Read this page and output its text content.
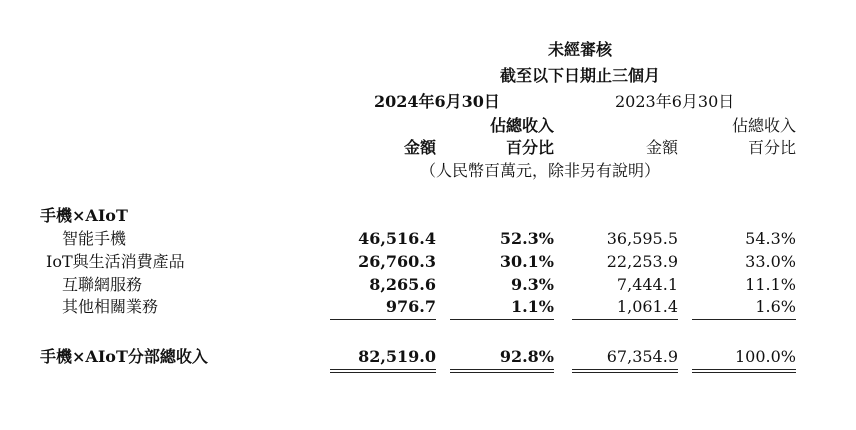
未經審核
截至以下日期止三個月
2024年6月30日	2023年6月30日
佔總收入	佔總收入
金額	百分比	金額	百分比
（人民幣百萬元，除非另有說明）
手機×AIoT
智能手機	46,516.4	52.3%	36,595.5	54.3%
IoT與生活消費產品	26,760.3	30.1%	22,253.9	33.0%
互聯網服務	8,265.6	9.3%	7,444.1	11.1%
其他相關業務	976.7	1.1%	1,061.4	1.6%
手機×AIoT分部總收入	82,519.0	92.8%	67,354.9	100.0%
